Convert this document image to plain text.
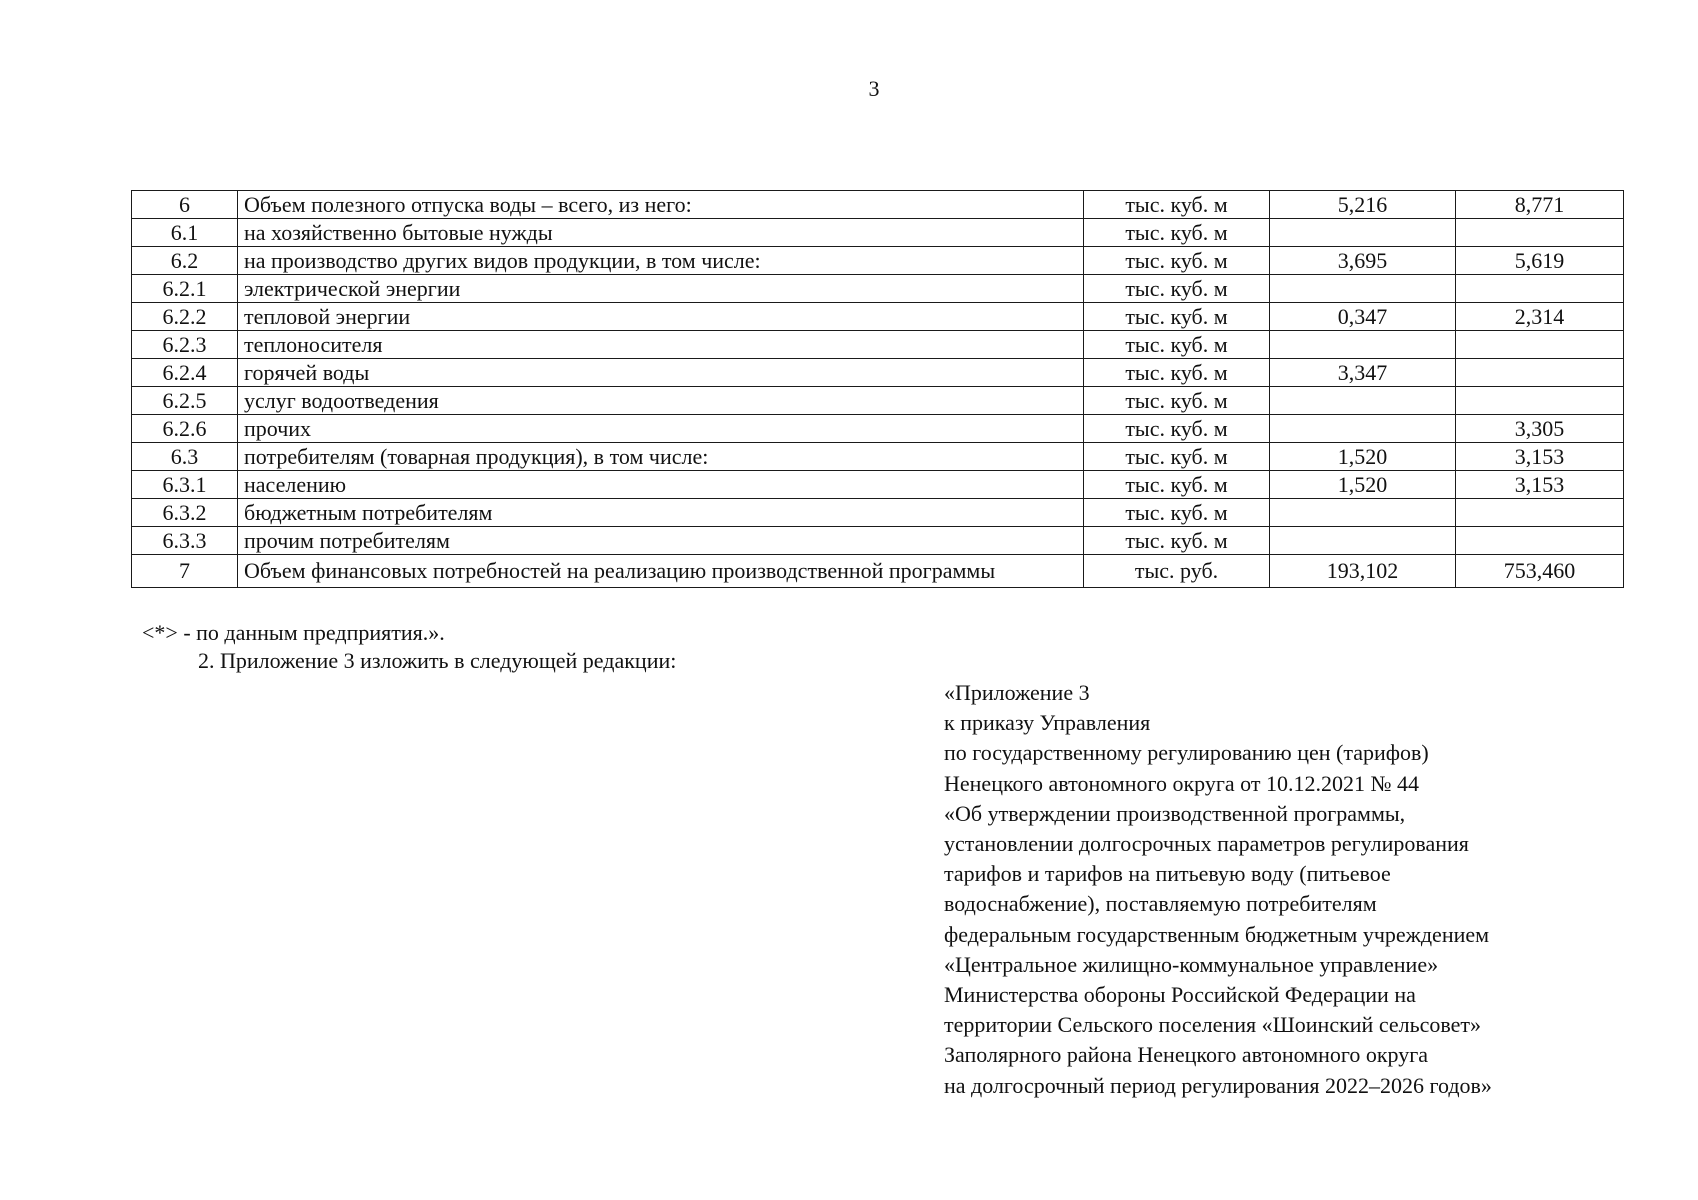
3
6	Объем полезного отпуска воды – всего, из него:	тыс. куб. м	5,216	8,771
6.1	на хозяйственно бытовые нужды	тыс. куб. м		
6.2	на производство других видов продукции, в том числе:	тыс. куб. м	3,695	5,619
6.2.1	электрической энергии	тыс. куб. м		
6.2.2	тепловой энергии	тыс. куб. м	0,347	2,314
6.2.3	теплоносителя	тыс. куб. м		
6.2.4	горячей воды	тыс. куб. м	3,347	
6.2.5	услуг водоотведения	тыс. куб. м		
6.2.6	прочих	тыс. куб. м		3,305
6.3	потребителям (товарная продукция), в том числе:	тыс. куб. м	1,520	3,153
6.3.1	населению	тыс. куб. м	1,520	3,153
6.3.2	бюджетным потребителям	тыс. куб. м		
6.3.3	прочим потребителям	тыс. куб. м		
7	Объем финансовых потребностей на реализацию производственной программы	тыс. руб.	193,102	753,460
<*> - по данным предприятия.».
2. Приложение 3 изложить в следующей редакции:
«Приложение 3
к приказу Управления
по государственному регулированию цен (тарифов)
Ненецкого автономного округа от 10.12.2021 № 44
«Об утверждении производственной программы,
установлении долгосрочных параметров регулирования
тарифов и тарифов на питьевую воду (питьевое
водоснабжение), поставляемую потребителям
федеральным государственным бюджетным учреждением
«Центральное жилищно-коммунальное управление»
Министерства обороны Российской Федерации на
территории Сельского поселения «Шоинский сельсовет»
Заполярного района Ненецкого автономного округа
на долгосрочный период регулирования 2022–2026 годов»
